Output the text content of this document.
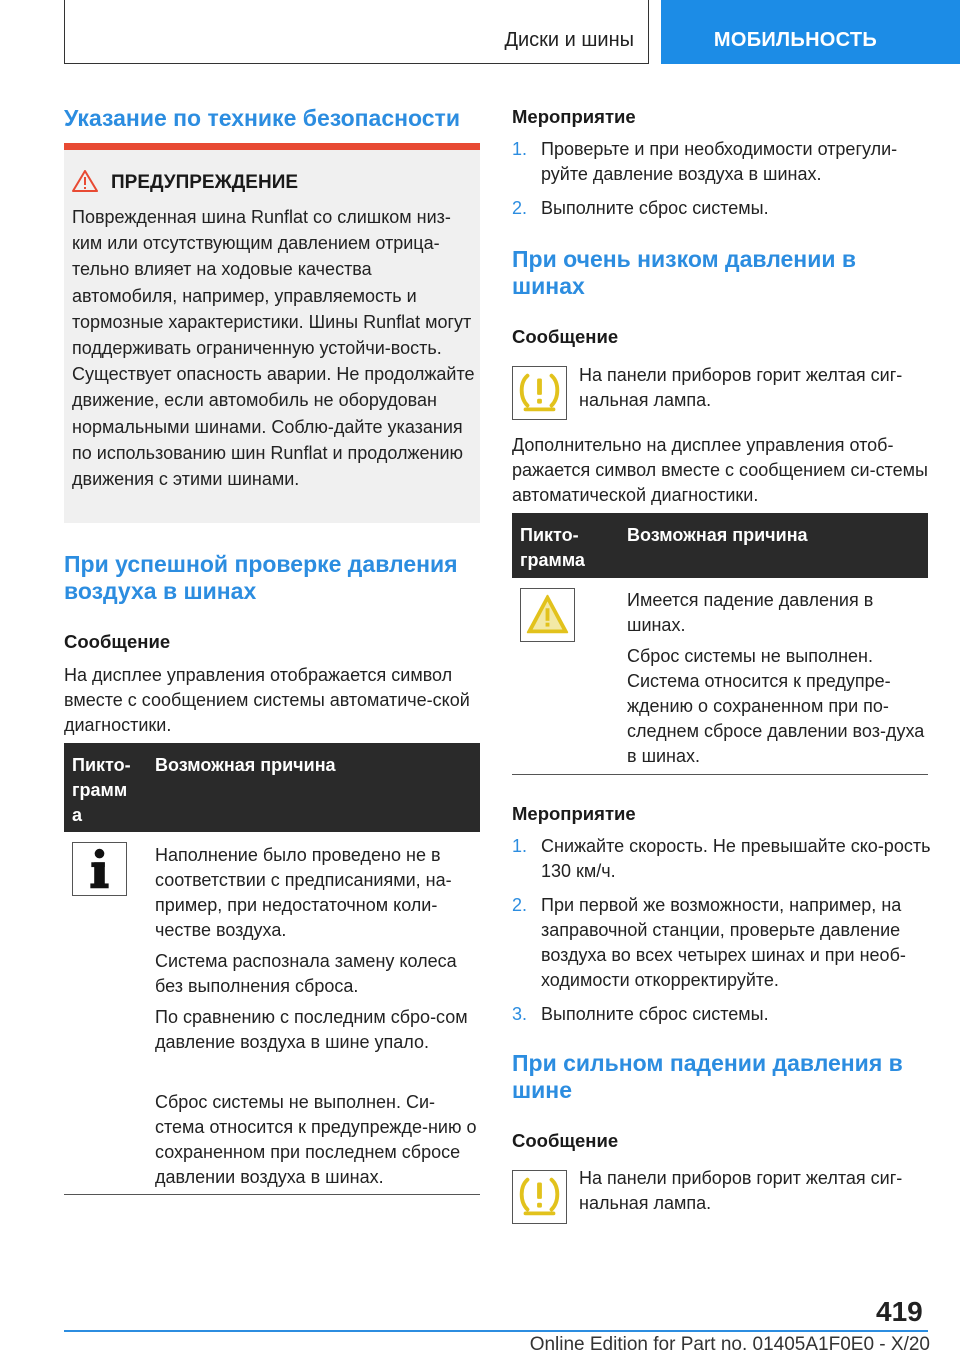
Диски и шины	МОБИЛЬНОСТЬ
Указание по технике безопасности
ПРЕДУПРЕЖДЕНИЕ
Поврежденная шина Runflat со слишком низ-ким или отсутствующим давлением отрица-тельно влияет на ходовые качества автомобиля, например, управляемость и тормозные характеристики. Шины Runflat могут поддерживать ограниченную устойчи-вость. Существует опасность аварии. Не продолжайте движение, если автомобиль не оборудован нормальными шинами. Соблю-дайте указания по использованию шин Runflat и продолжению движения с этими шинами.
При успешной проверке давления
воздуха в шинах
Сообщение
На дисплее управления отображается символ вместе с сообщением системы автоматиче-ской диагностики.
Пикто-
грамм
а
Возможная причина
Наполнение было проведено не в соответствии с предписаниями, на-пример, при недостаточном коли-честве воздуха.
Система распознала замену колеса без выполнения сброса.
По сравнению с последним сбро-сом давление воздуха в шине упало.
Сброс системы не выполнен. Си-стема относится к предупрежде-нию о сохраненном при последнем сбросе давлении воздуха в шинах.
Мероприятие
1. Проверьте и при необходимости отрегули-руйте давление воздуха в шинах.
2. Выполните сброс системы.
При очень низком давлении в
шинах
Сообщение
На панели приборов горит желтая сиг-нальная лампа.
Дополнительно на дисплее управления отоб-ражается символ вместе с сообщением си-стемы автоматической диагностики.
Пикто-
грамма
Возможная причина
Имеется падение давления в шинах.
Сброс системы не выполнен. Система относится к предупре-ждению о сохраненном при по-следнем сбросе давлении воз-духа в шинах.
Мероприятие
1. Снижайте скорость. Не превышайте ско-рость 130 км/ч.
2. При первой же возможности, например, на заправочной станции, проверьте давление воздуха во всех четырех шинах и при необ-ходимости откорректируйте.
3. Выполните сброс системы.
При сильном падении давления в
шине
Сообщение
На панели приборов горит желтая сиг-нальная лампа.
419
Online Edition for Part no. 01405A1F0E0 - X/20
